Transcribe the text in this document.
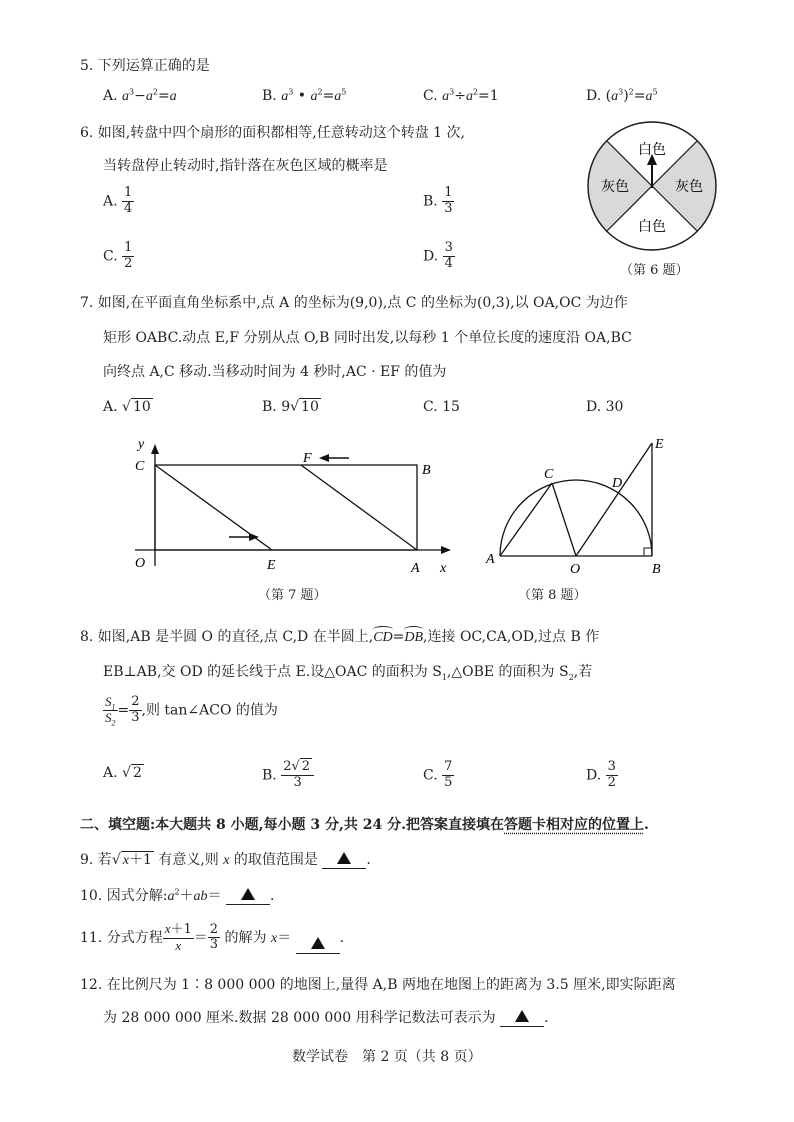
5. 下列运算正确的是
A. $a^3-a^2=a$	B. $a^3$ • $a^2=a^5$	C. $a^3\div a^2=1$	D. $(a^3)^2=a^5$
6. 如图,转盘中四个扇形的面积都相等,任意转动这个转盘 1 次,
当转盘停止转动时,指针落在灰色区域的概率是
A. $\frac{1}{4}$	B. $\frac{1}{3}$
C. $\frac{1}{2}$	D. $\frac{3}{4}$
白色
灰色	灰色
白色
（第 6 题）
7. 如图,在平面直角坐标系中,点 A 的坐标为(9,0),点 C 的坐标为(0,3),以 OA,OC 为边作
矩形 OABC.动点 E,F 分别从点 O,B 同时出发,以每秒 1 个单位长度的速度沿 OA,BC
向终点 A,C 移动.当移动时间为 4 秒时,AC · EF 的值为
A. √ 10	B. 9√ 10	C. 15	D. 30
y
x
C	B
O	A
E
F
（第 7 题）
A
O	B
C
D
E
（第 8 题）
8. 如图,AB 是半圆 O 的直径,点 C,D 在半圆上,CD=DB,连接 OC,CA,OD,过点 B 作
EB⊥AB,交 OD 的延长线于点 E.设△OAC 的面积为 $S_1,\triangle OBE$ 的面积为 $S_2$,若
$\frac{S_1}{S_2} = \frac{2}{3}$ ,则 tan∠ACO 的值为
A. √ 2	B. $\frac{2√ 2}{3}$	C. $\frac{7}{5}$	D. $\frac{3}{2}$
二、填空题:本大题共 8 小题,每小题 3 分,共 24 分.把答案直接填在答题卡相对应的位置上.
9. 若√ x＋1 有意义,则 x 的取值范围是	.
10. 因式分解$:a^2+ab=$	.
11. 分式方程 $\frac{x+1}{x} = \frac{2}{3}$ 的解为 x＝	.
12. 在比例尺为 1∶8 000 000 的地图上,量得 A,B 两地在地图上的距离为 3.5 厘米,即实际距离
为 28 000 000 厘米.数据 28 000 000 用科学记数法可表示为	.
数学试卷　第 2 页（共 8 页）
